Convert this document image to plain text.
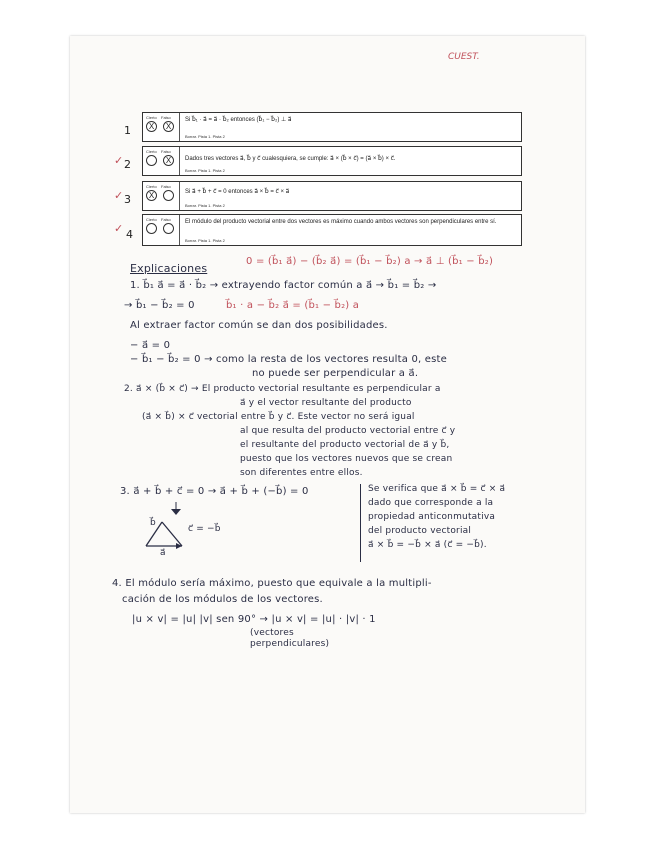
CUEST.
1
Cierto Falso
X	X
Si b⃗₁ · a⃗ = a⃗ · b⃗₂ entonces (b⃗₁ − b⃗₂) ⊥ a⃗
Borrar. Pista 1. Pista 2
✓ 2
Cierto Falso
X	Dados tres vectores a⃗, b⃗ y c⃗ cualesquiera, se cumple: a⃗ × (b⃗ × c⃗) = (a⃗ × b⃗) × c⃗.
Borrar. Pista 1. Pista 2
✓ 3
Cierto Falso
X	Si a⃗ + b⃗ + c⃗ = 0 entonces a⃗ × b⃗ = c⃗ × a⃗
Borrar. Pista 1. Pista 2
✓ 4
Cierto Falso El módulo del producto vectorial entre dos vectores es máximo cuando ambos vectores son perpendiculares entre sí.
Borrar. Pista 1. Pista 2
Explicaciones
0 = (b⃗₁ a⃗) − (b⃗₂ a⃗) = (b⃗₁ − b⃗₂) a → a⃗ ⊥ (b⃗₁ − b⃗₂)
1. b⃗₁ a⃗ = a⃗ · b⃗₂ → extrayendo factor común a a⃗ → b⃗₁ = b⃗₂ →
→ b⃗₁ − b⃗₂ = 0	b⃗₁ · a − b⃗₂ a⃗ = (b⃗₁ − b⃗₂) a
Al extraer factor común se dan dos posibilidades.
− a⃗ = 0
− b⃗₁ − b⃗₂ = 0 → como la resta de los vectores resulta 0, este
no puede ser perpendicular a a⃗.
2. a⃗ × (b⃗ × c⃗) → El producto vectorial resultante es perpendicular a
a⃗ y el vector resultante del producto
(a⃗ × b⃗) × c⃗ vectorial entre b⃗ y c⃗. Este vector no será igual
al que resulta del producto vectorial entre c⃗ y
el resultante del producto vectorial de a⃗ y b⃗,
puesto que los vectores nuevos que se crean
son diferentes entre ellos.
3. a⃗ + b⃗ + c⃗ = 0 → a⃗ + b⃗ + (−b⃗) = 0	Se verifica que a⃗ × b⃗ = c⃗ × a⃗
dado que corresponde a la
propiedad anticonmutativa
del producto vectorial
a⃗ × b⃗ = −b⃗ × a⃗ (c⃗ = −b⃗).
b⃗
c⃗ = −b⃗
a⃗
4. El módulo sería máximo, puesto que equivale a la multipli-
cación de los módulos de los vectores.
|u × v| = |u| |v| sen 90° → |u × v| = |u| · |v| · 1
(vectores
perpendiculares)
